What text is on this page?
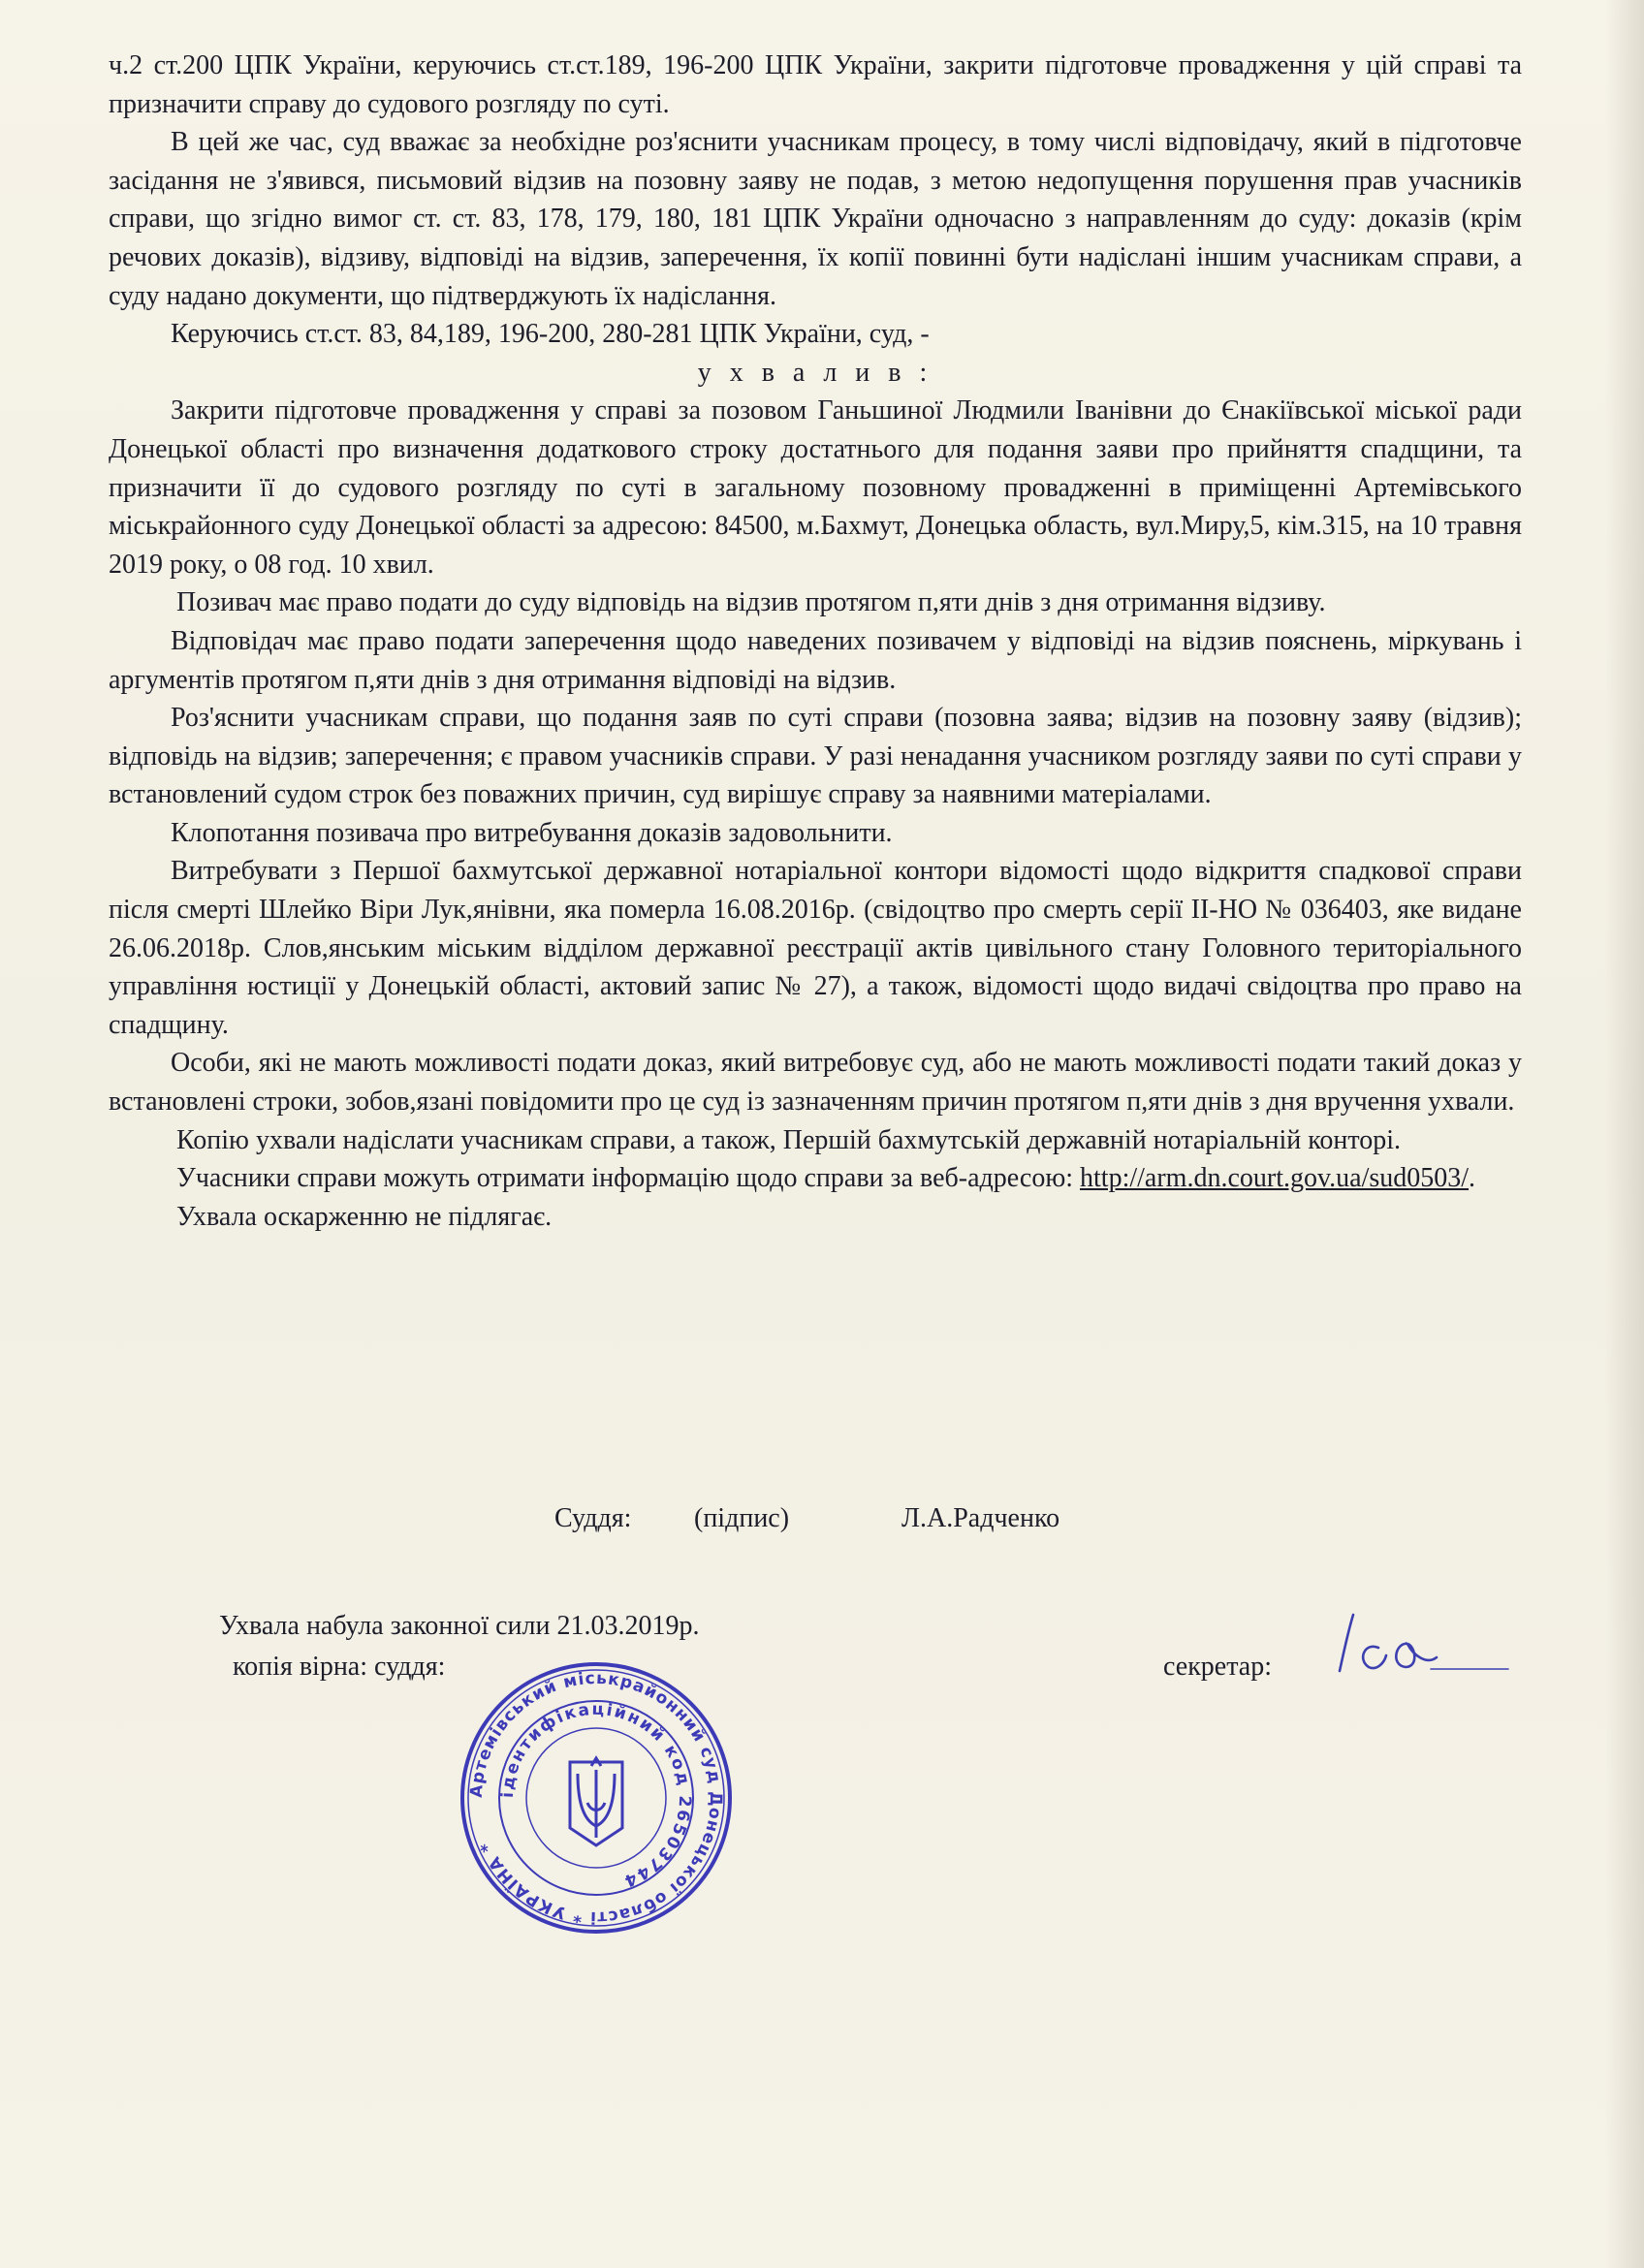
ч.2 ст.200 ЦПК України, керуючись ст.ст.189, 196-200 ЦПК України, закрити підготовче провадження у цій справі та призначити справу до судового розгляду по суті.

В цей же час, суд вважає за необхідне роз'яснити учасникам процесу, в тому числі відповідачу, який в підготовче засідання не з'явився, письмовий відзив на позовну заяву не подав, з метою недопущення порушення прав учасників справи, що згідно вимог ст. ст. 83, 178, 179, 180, 181 ЦПК України одночасно з направленням до суду: доказів (крім речових доказів), відзиву, відповіді на відзив, заперечення, їх копії повинні бути надіслані іншим учасникам справи, а суду надано документи, що підтверджують їх надіслання.

Керуючись ст.ст. 83, 84,189, 196-200, 280-281 ЦПК України, суд, -

у х в а л и в :

Закрити підготовче провадження у справі за позовом Ганьшиної Людмили Іванівни до Єнакіївської міської ради Донецької області про визначення додаткового строку достатнього для подання заяви про прийняття спадщини, та призначити її до судового розгляду по суті в загальному позовному провадженні в приміщенні Артемівського міськрайонного суду Донецької області за адресою: 84500, м.Бахмут, Донецька область, вул.Миру,5, кім.315, на 10 травня 2019 року, о 08 год. 10 хвил.

Позивач має право подати до суду відповідь на відзив протягом п,яти днів з дня отримання відзиву.

Відповідач має право подати заперечення щодо наведених позивачем у відповіді на відзив пояснень, міркувань і аргументів протягом п,яти днів з дня отримання відповіді на відзив.

Роз'яснити учасникам справи, що подання заяв по суті справи (позовна заява; відзив на позовну заяву (відзив); відповідь на відзив; заперечення; є правом учасників справи. У разі ненадання учасником розгляду заяви по суті справи у встановлений судом строк без поважних причин, суд вирішує справу за наявними матеріалами.

Клопотання позивача про витребування доказів задовольнити.

Витребувати з Першої бахмутської державної нотаріальної контори відомості щодо відкриття спадкової справи після смерті Шлейко Віри Лук,янівни, яка померла 16.08.2016р. (свідоцтво про смерть серії ІІ-НО № 036403, яке видане 26.06.2018р. Слов,янським міським відділом державної реєстрації актів цивільного стану Головного територіального управління юстиції у Донецькій області, актовий запис № 27), а також, відомості щодо видачі свідоцтва про право на спадщину.

Особи, які не мають можливості подати доказ, який витребовує суд, або не мають можливості подати такий доказ у встановлені строки, зобов,язані повідомити про це суд із зазначенням причин протягом п,яти днів з дня вручення ухвали.

Копію ухвали надіслати учасникам справи, а також, Першій бахмутській державній нотаріальній конторі.

Учасники справи можуть отримати інформацію щодо справи за веб-адресою: http://arm.dn.court.gov.ua/sud0503/.

Ухвала оскарженню не підлягає.

Суддя: (підпис)	Л.А.Радченко
Ухвала набула законної сили 21.03.2019р.
копія вірна: суддя:	секретар:
Артемівський міськрайонний суд Донецької області * УКРАЇНА *
ідентифікаційний код 26503744
